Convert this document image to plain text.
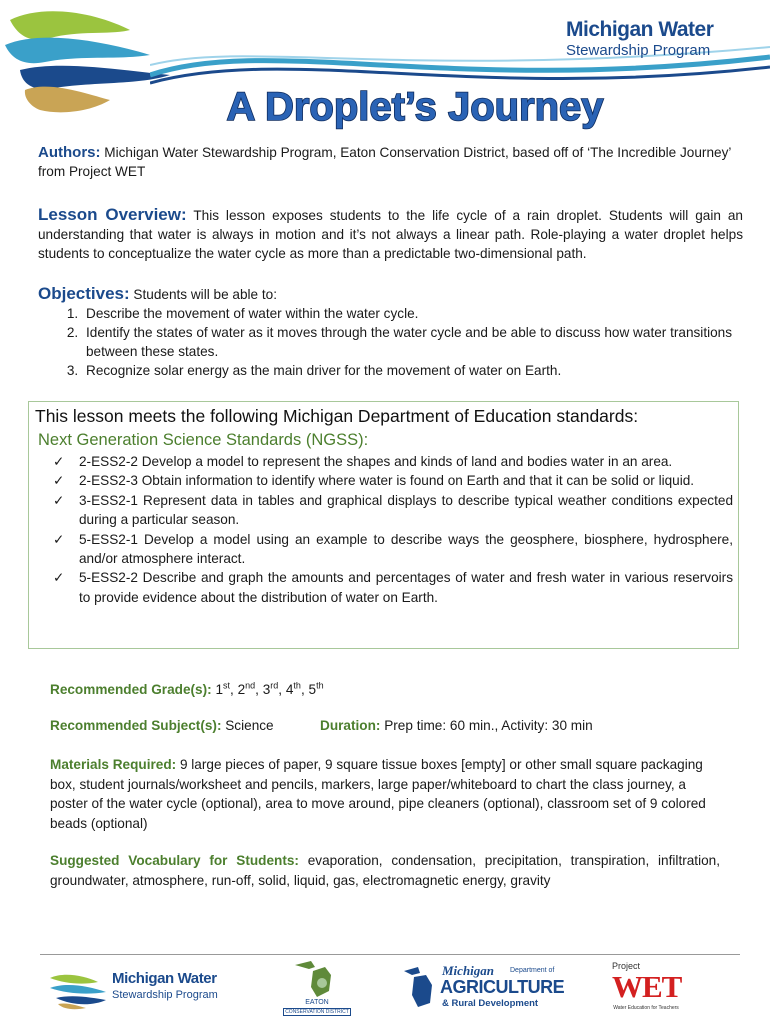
Michigan Water
Stewardship Program
A Droplet’s Journey
Authors: Michigan Water Stewardship Program, Eaton Conservation District, based off of ‘The Incredible Journey’ from Project WET
Lesson Overview: This lesson exposes students to the life cycle of a rain droplet. Students will gain an understanding that water is always in motion and it’s not always a linear path. Role-playing a water droplet helps students to conceptualize the water cycle as more than a predictable two-dimensional path.
Objectives: Students will be able to:
1. Describe the movement of water within the water cycle.
2. Identify the states of water as it moves through the water cycle and be able to discuss how water transitions between these states.
3. Recognize solar energy as the main driver for the movement of water on Earth.
This lesson meets the following Michigan Department of Education standards:
Next Generation Science Standards (NGSS):
✓ 2-ESS2-2 Develop a model to represent the shapes and kinds of land and bodies water in an area.
✓ 2-ESS2-3 Obtain information to identify where water is found on Earth and that it can be solid or liquid.
✓ 3-ESS2-1 Represent data in tables and graphical displays to describe typical weather conditions expected during a particular season.
✓ 5-ESS2-1 Develop a model using an example to describe ways the geosphere, biosphere, hydrosphere, and/or atmosphere interact.
✓ 5-ESS2-2 Describe and graph the amounts and percentages of water and fresh water in various reservoirs to provide evidence about the distribution of water on Earth.
Recommended Grade(s): 1st, 2nd, 3rd, 4th, 5th
Recommended Subject(s): Science	Duration: Prep time: 60 min., Activity: 30 min
Materials Required: 9 large pieces of paper, 9 square tissue boxes [empty] or other small square packaging box, student journals/worksheet and pencils, markers, large paper/whiteboard to chart the class journey, a poster of the water cycle (optional), area to move around, pipe cleaners (optional), classroom set of 9 colored beads (optional)
Suggested Vocabulary for Students: evaporation, condensation, precipitation, transpiration, infiltration, groundwater, atmosphere, run-off, solid, liquid, gas, electromagnetic energy, gravity
Michigan Water
Stewardship Program
EATON
CONSERVATION DISTRICT
Michigan Department of
AGRICULTURE
& Rural Development
Project
WET
Water Education for Teachers
